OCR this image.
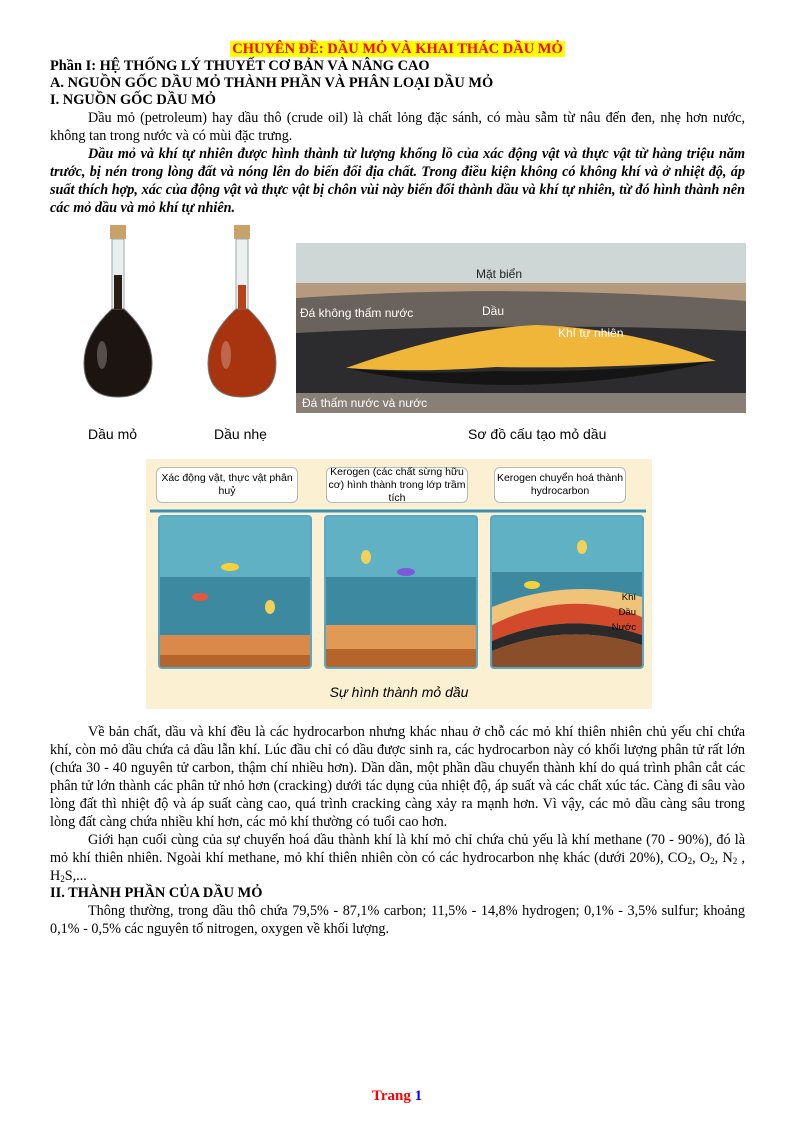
CHUYÊN ĐỀ: DẦU MỎ VÀ KHAI THÁC DẦU MỎ

Phần I: HỆ THỐNG LÝ THUYẾT CƠ BẢN VÀ NÂNG CAO

A. NGUỒN GỐC DẦU MỎ THÀNH PHẦN VÀ PHÂN LOẠI DẦU MỎ

I. NGUỒN GỐC DẦU MỎ

Dầu mỏ (petroleum) hay dầu thô (crude oil) là chất lỏng đặc sánh, có màu sẫm từ nâu đến đen, nhẹ hơn nước, không tan trong nước và có mùi đặc trưng.

Dầu mỏ và khí tự nhiên được hình thành từ lượng khổng lồ của xác động vật và thực vật từ hàng triệu năm trước, bị nén trong lòng đất và nóng lên do biến đổi địa chất. Trong điều kiện không có không khí và ở nhiệt độ, áp suất thích hợp, xác của động vật và thực vật bị chôn vùi này biến đổi thành dầu và khí tự nhiên, từ đó hình thành nên các mỏ dầu và mỏ khí tự nhiên.

Dầu mỏ	Dầu nhẹ
Mặt biển
Đá không thấm nước	Dầu
Khí tự nhiên
Đá thấm nước và nước
Sơ đồ cấu tạo mỏ dầu
Xác động vật, thực vật phân huỷ
Kerogen (các chất sừng hữu cơ) hình thành trong lớp trầm tích
Kerogen chuyển hoá thành hydrocarbon
Khí
Dầu
Nước
Sự hình thành mỏ dầu

Về bản chất, dầu và khí đều là các hydrocarbon nhưng khác nhau ở chỗ các mỏ khí thiên nhiên chủ yếu chỉ chứa khí, còn mỏ dầu chứa cả dầu lẫn khí. Lúc đầu chỉ có dầu được sinh ra, các hydrocarbon này có khối lượng phân tử rất lớn (chứa 30 - 40 nguyên tử carbon, thậm chí nhiều hơn). Dần dần, một phần dầu chuyển thành khí do quá trình phân cắt các phân tử lớn thành các phân tử nhỏ hơn (cracking) dưới tác dụng của nhiệt độ, áp suất và các chất xúc tác. Càng đi sâu vào lòng đất thì nhiệt độ và áp suất càng cao, quá trình cracking càng xảy ra mạnh hơn. Vì vậy, các mỏ dầu càng sâu trong lòng đất càng chứa nhiều khí hơn, các mỏ khí thường có tuổi cao hơn.

Giới hạn cuối cùng của sự chuyển hoá dầu thành khí là khí mỏ chỉ chứa chủ yếu là khí methane (70 - 90%), đó là mỏ khí thiên nhiên. Ngoài khí methane, mỏ khí thiên nhiên còn có các hydrocarbon nhẹ khác (dưới 20%), $CO_2$, $O_2$, $N_2$ , $H_2S$,...

II. THÀNH PHẦN CỦA DẦU MỎ

Thông thường, trong dầu thô chứa 79,5% - 87,1% carbon; 11,5% - 14,8% hydrogen; 0,1% - 3,5% sulfur; khoảng 0,1% - 0,5% các nguyên tố nitrogen, oxygen về khối lượng.

Trang 1
